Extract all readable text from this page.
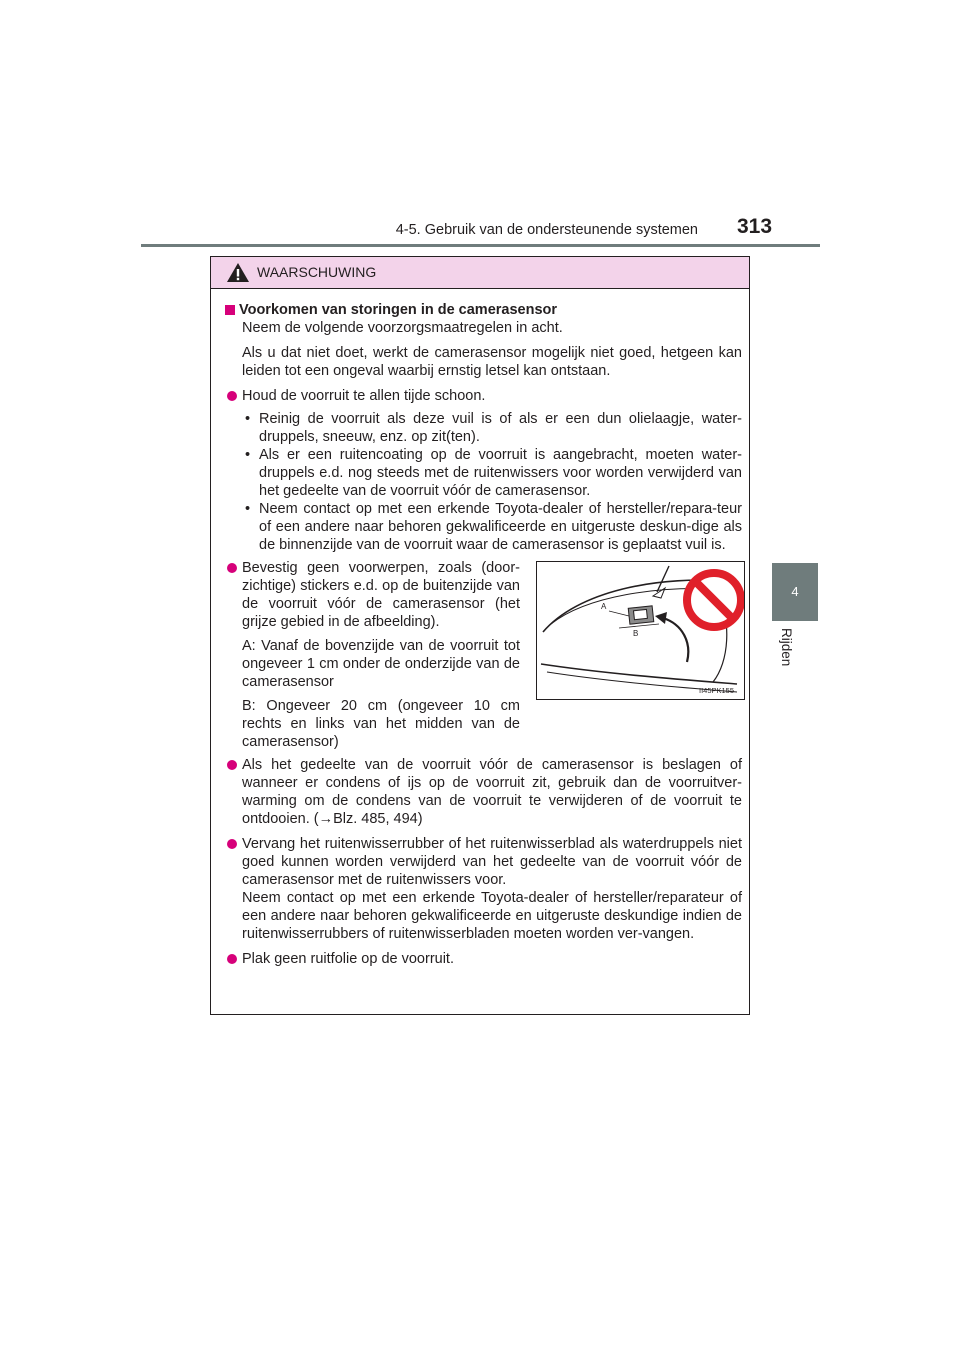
4-5. Gebruik van de ondersteunende systemen 313
4
Rijden
WAARSCHUWING

Voorkomen van storingen in de camerasensor

Neem de volgende voorzorgsmaatregelen in acht.

Als u dat niet doet, werkt de camerasensor mogelijk niet goed, hetgeen kan leiden tot een ongeval waarbij ernstig letsel kan ontstaan.

Houd de voorruit te allen tijde schoon.

• Reinig de voorruit als deze vuil is of als er een dun olielaagje, water-druppels, sneeuw, enz. op zit(ten).

• Als er een ruitencoating op de voorruit is aangebracht, moeten water-druppels e.d. nog steeds met de ruitenwissers voor worden verwijderd van het gedeelte van de voorruit vóór de camerasensor.

• Neem contact op met een erkende Toyota-dealer of hersteller/repara-teur of een andere naar behoren gekwalificeerde en uitgeruste deskun-dige als de binnenzijde van de voorruit waar de camerasensor is geplaatst vuil is.

Bevestig geen voorwerpen, zoals (door-zichtige) stickers e.d. op de buitenzijde van de voorruit vóór de camerasensor (het grijze gebied in de afbeelding).

A: Vanaf de bovenzijde van de voorruit tot ongeveer 1 cm onder de onderzijde van de camerasensor

B: Ongeveer 20 cm (ongeveer 10 cm rechts en links van het midden van de camerasensor)

A
B
II45PK155

Als het gedeelte van de voorruit vóór de camerasensor is beslagen of wanneer er condens of ijs op de voorruit zit, gebruik dan de voorruitver-warming om de condens van de voorruit te verwijderen of de voorruit te ontdooien. (→Blz. 485, 494)

Vervang het ruitenwisserrubber of het ruitenwisserblad als waterdruppels niet goed kunnen worden verwijderd van het gedeelte van de voorruit vóór de camerasensor met de ruitenwissers voor.

Neem contact op met een erkende Toyota-dealer of hersteller/reparateur of een andere naar behoren gekwalificeerde en uitgeruste deskundige indien de ruitenwisserrubbers of ruitenwisserbladen moeten worden ver-vangen.

Plak geen ruitfolie op de voorruit.
